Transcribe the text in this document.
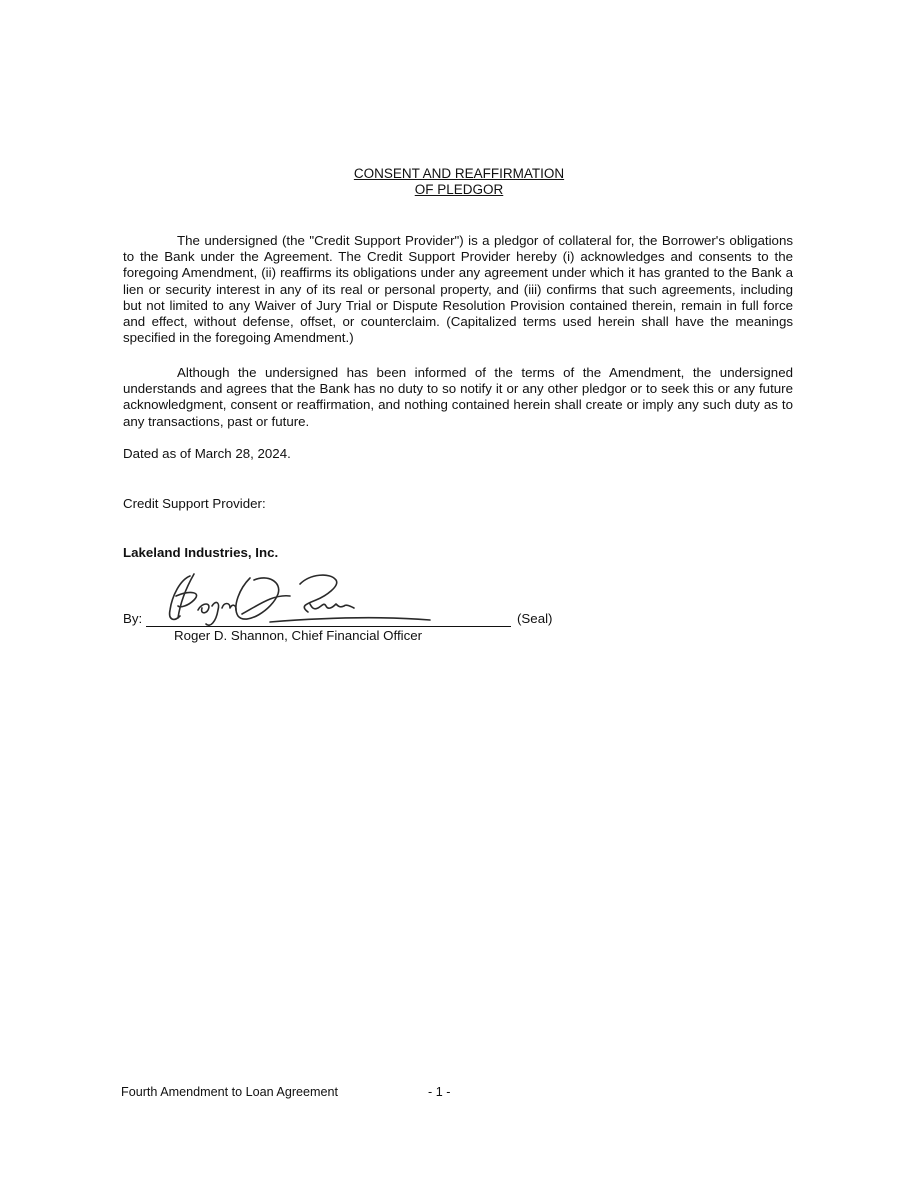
CONSENT AND REAFFIRMATION
OF PLEDGOR

The undersigned (the "Credit Support Provider") is a pledgor of collateral for, the Borrower's obligations to the Bank under the Agreement. The Credit Support Provider hereby (i) acknowledges and consents to the foregoing Amendment, (ii) reaffirms its obligations under any agreement under which it has granted to the Bank a lien or security interest in any of its real or personal property, and (iii) confirms that such agreements, including but not limited to any Waiver of Jury Trial or Dispute Resolution Provision contained therein, remain in full force and effect, without defense, offset, or counterclaim. (Capitalized terms used herein shall have the meanings specified in the foregoing Amendment.)

Although the undersigned has been informed of the terms of the Amendment, the undersigned understands and agrees that the Bank has no duty to so notify it or any other pledgor or to seek this or any future acknowledgment, consent or reaffirmation, and nothing contained herein shall create or imply any such duty as to any transactions, past or future.

Dated as of March 28, 2024.
Credit Support Provider:
Lakeland Industries, Inc.
By:	(Seal)
Roger D. Shannon, Chief Financial Officer
Fourth Amendment to Loan Agreement	- 1 -
